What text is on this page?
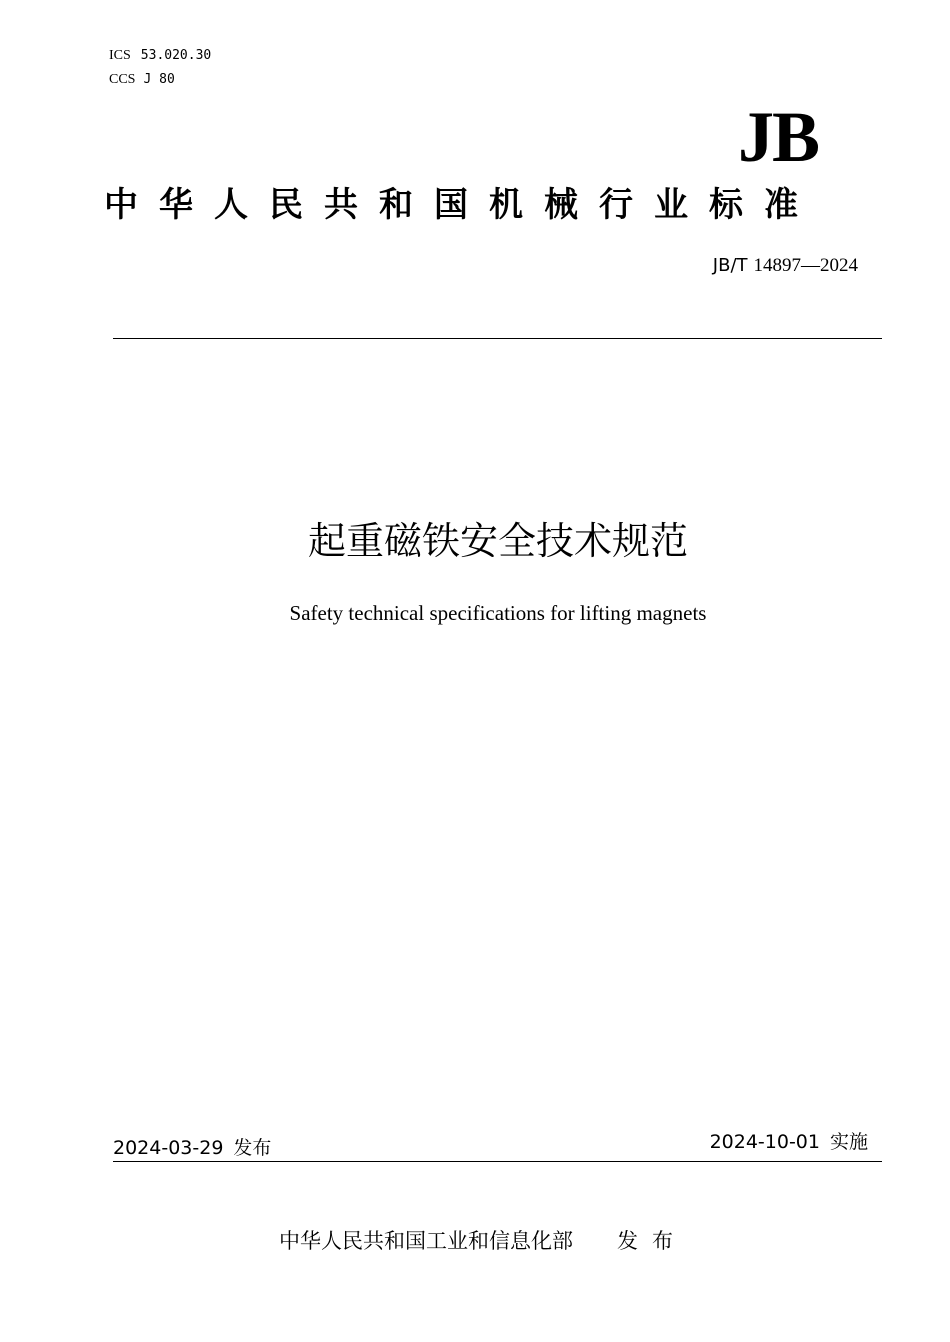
ICS 53.020.30
CCS J 80
JB
中华人民共和国机械行业标准
JB/T 14897—2024
起重磁铁安全技术规范
Safety technical specifications for lifting magnets
2024-03-29 发布	2024-10-01 实施
中华人民共和国工业和信息化部 发布
